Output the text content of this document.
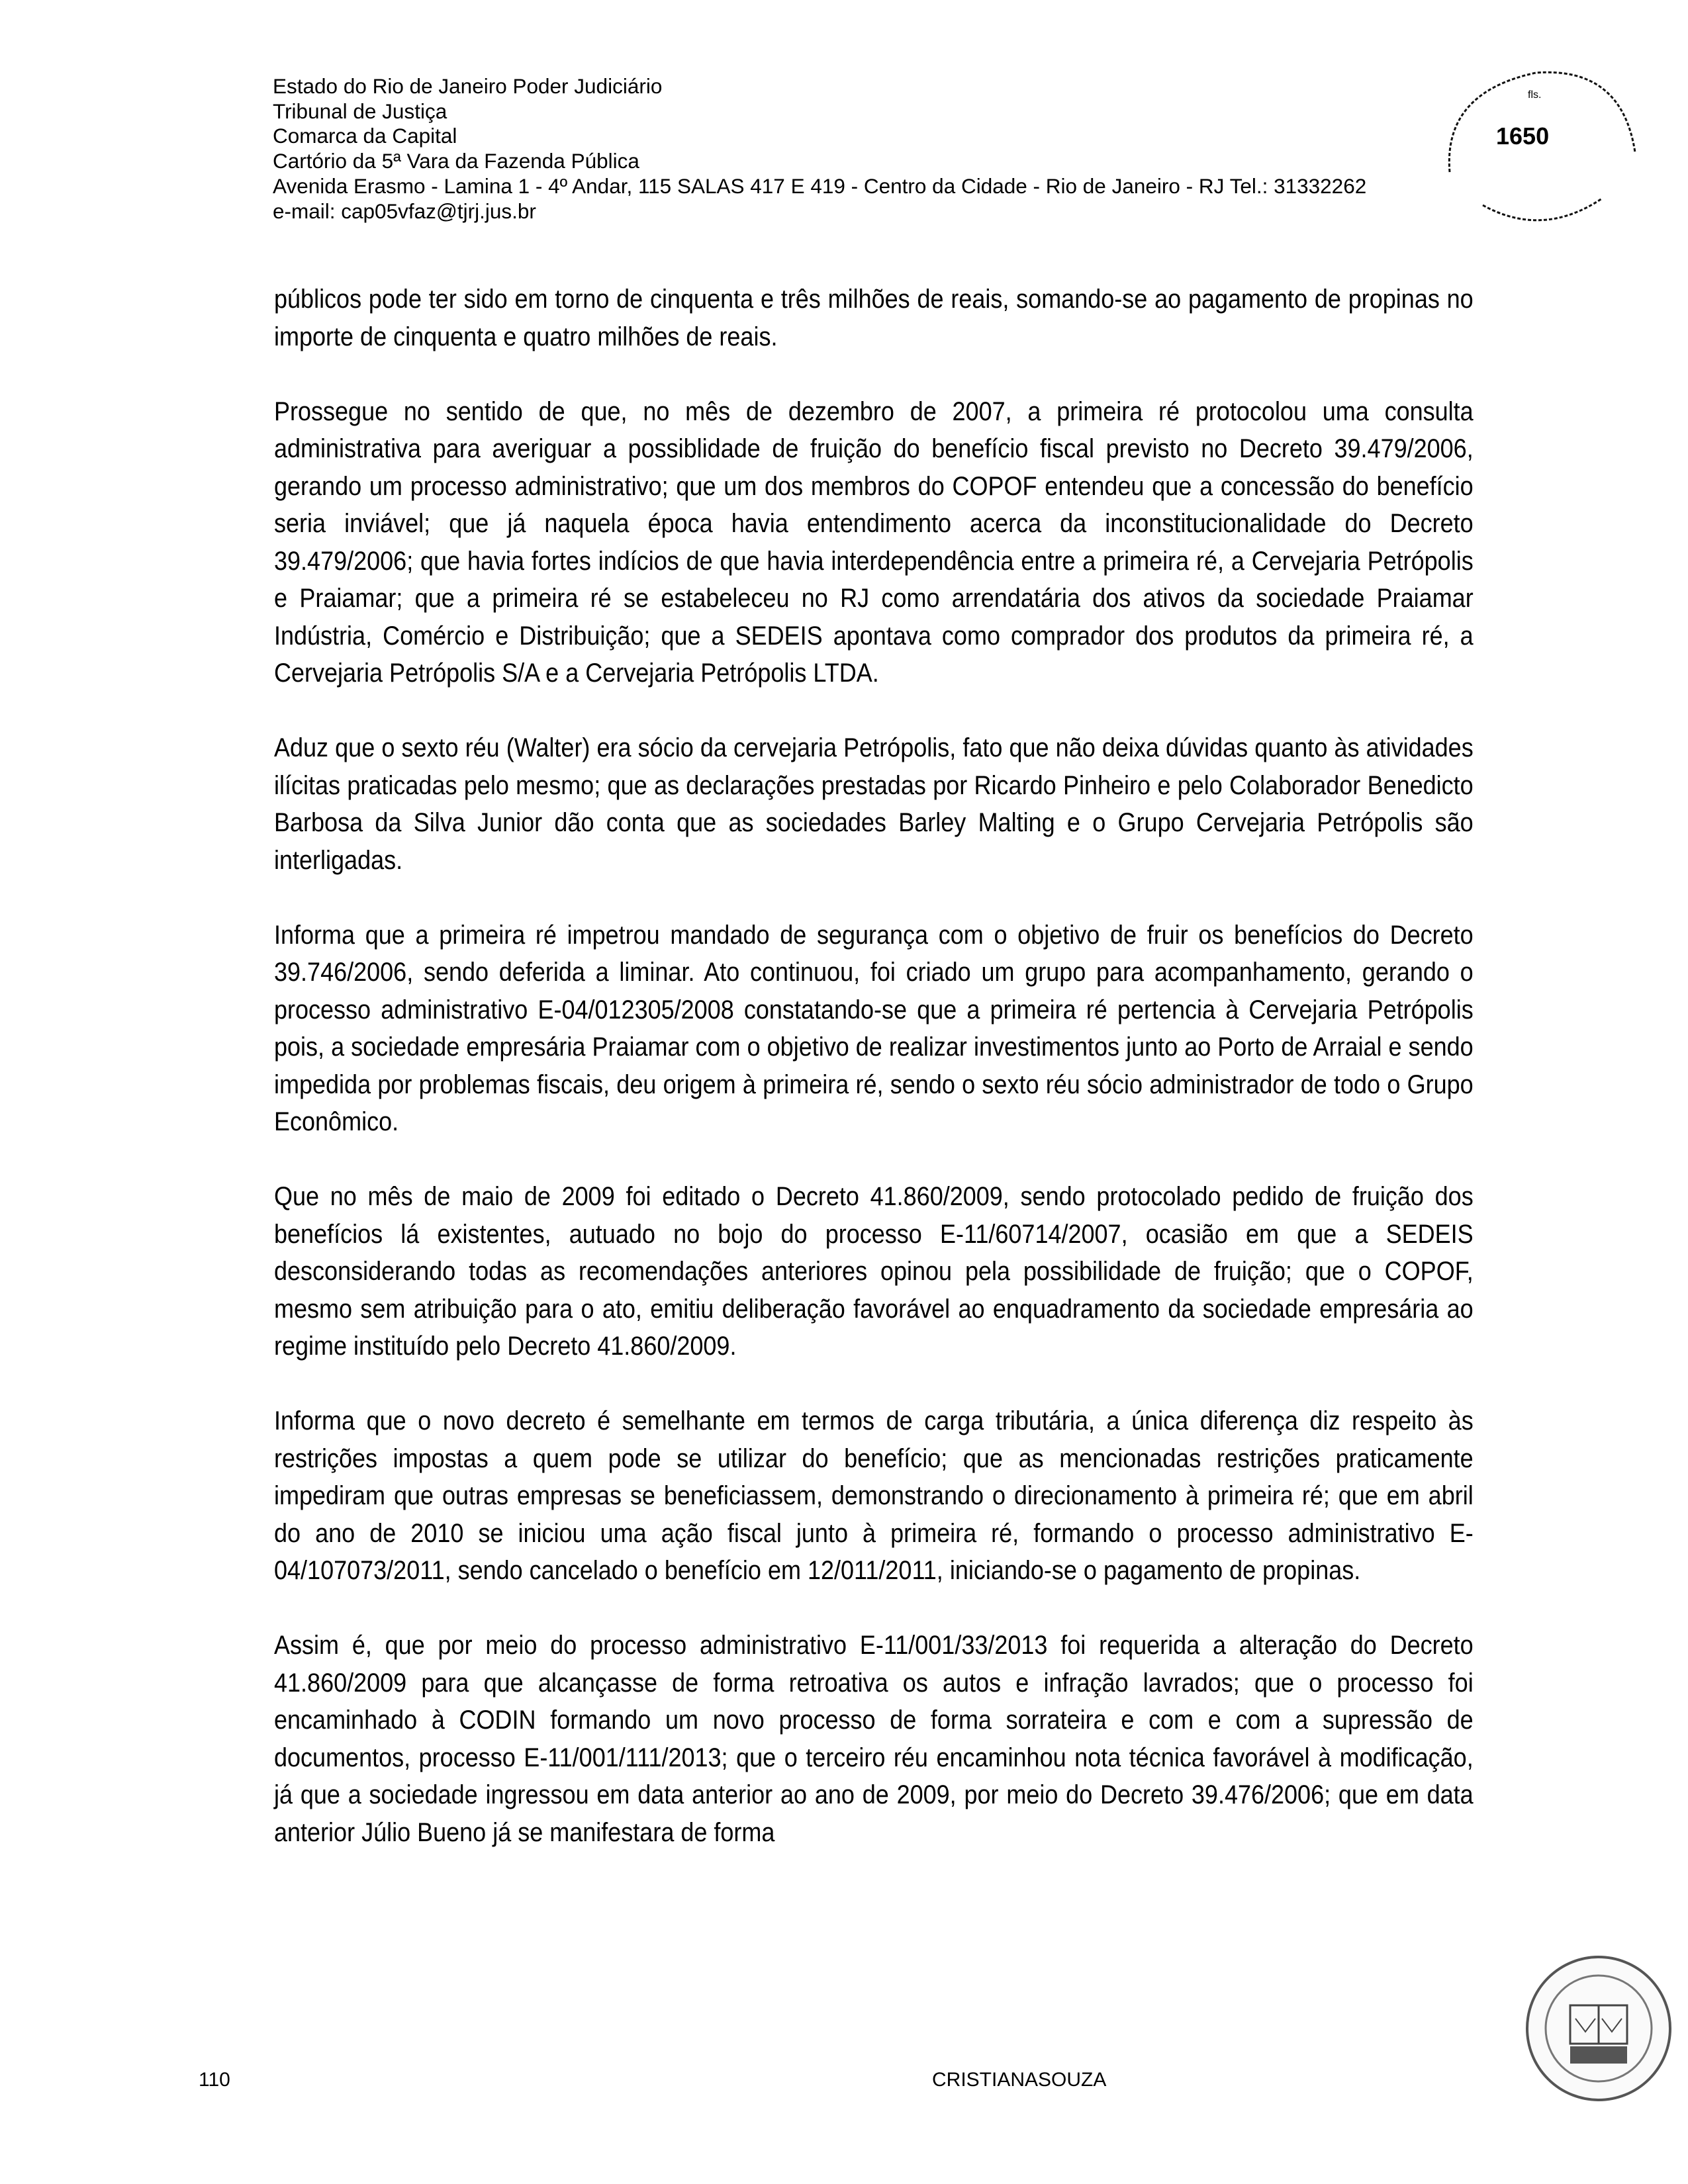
Estado do Rio de Janeiro Poder Judiciário
Tribunal de Justiça
Comarca da Capital
Cartório da 5ª Vara da Fazenda Pública
Avenida Erasmo - Lamina 1 - 4º Andar, 115 SALAS 417 E 419 - Centro da Cidade - Rio de Janeiro - RJ Tel.: 31332262
e-mail: cap05vfaz@tjrj.jus.br
fls.
1650

públicos pode ter sido em torno de cinquenta e três milhões de reais, somando-se ao pagamento de propinas no importe de cinquenta e quatro milhões de reais.

Prossegue no sentido de que, no mês de dezembro de 2007, a primeira ré protocolou uma consulta administrativa para averiguar a possiblidade de fruição do benefício fiscal previsto no Decreto 39.479/2006, gerando um processo administrativo; que um dos membros do COPOF entendeu que a concessão do benefício seria inviável; que já naquela época havia entendimento acerca da inconstitucionalidade do Decreto 39.479/2006; que havia fortes indícios de que havia interdependência entre a primeira ré, a Cervejaria Petrópolis e Praiamar; que a primeira ré se estabeleceu no RJ como arrendatária dos ativos da sociedade Praiamar Indústria, Comércio e Distribuição; que a SEDEIS apontava como comprador dos produtos da primeira ré, a Cervejaria Petrópolis S/A e a Cervejaria Petrópolis LTDA.

Aduz que o sexto réu (Walter) era sócio da cervejaria Petrópolis, fato que não deixa dúvidas quanto às atividades ilícitas praticadas pelo mesmo; que as declarações prestadas por Ricardo Pinheiro e pelo Colaborador Benedicto Barbosa da Silva Junior dão conta que as sociedades Barley Malting e o Grupo Cervejaria Petrópolis são interligadas.

Informa que a primeira ré impetrou mandado de segurança com o objetivo de fruir os benefícios do Decreto 39.746/2006, sendo deferida a liminar. Ato continuou, foi criado um grupo para acompanhamento, gerando o processo administrativo E-04/012305/2008 constatando-se que a primeira ré pertencia à Cervejaria Petrópolis pois, a sociedade empresária Praiamar com o objetivo de realizar investimentos junto ao Porto de Arraial e sendo impedida por problemas fiscais, deu origem à primeira ré, sendo o sexto réu sócio administrador de todo o Grupo Econômico.

Que no mês de maio de 2009 foi editado o Decreto 41.860/2009, sendo protocolado pedido de fruição dos benefícios lá existentes, autuado no bojo do processo E-11/60714/2007, ocasião em que a SEDEIS desconsiderando todas as recomendações anteriores opinou pela possibilidade de fruição; que o COPOF, mesmo sem atribuição para o ato, emitiu deliberação favorável ao enquadramento da sociedade empresária ao regime instituído pelo Decreto 41.860/2009.

Informa que o novo decreto é semelhante em termos de carga tributária, a única diferença diz respeito às restrições impostas a quem pode se utilizar do benefício; que as mencionadas restrições praticamente impediram que outras empresas se beneficiassem, demonstrando o direcionamento à primeira ré; que em abril do ano de 2010 se iniciou uma ação fiscal junto à primeira ré, formando o processo administrativo E-04/107073/2011, sendo cancelado o benefício em 12/011/2011, iniciando-se o pagamento de propinas.

Assim é, que por meio do processo administrativo E-11/001/33/2013 foi requerida a alteração do Decreto 41.860/2009 para que alcançasse de forma retroativa os autos e infração lavrados; que o processo foi encaminhado à CODIN formando um novo processo de forma sorrateira e com e com a supressão de documentos, processo E-11/001/111/2013; que o terceiro réu encaminhou nota técnica favorável à modificação, já que a sociedade ingressou em data anterior ao ano de 2009, por meio do Decreto 39.476/2006; que em data anterior Júlio Bueno já se manifestara de forma

110	CRISTIANASOUZA
